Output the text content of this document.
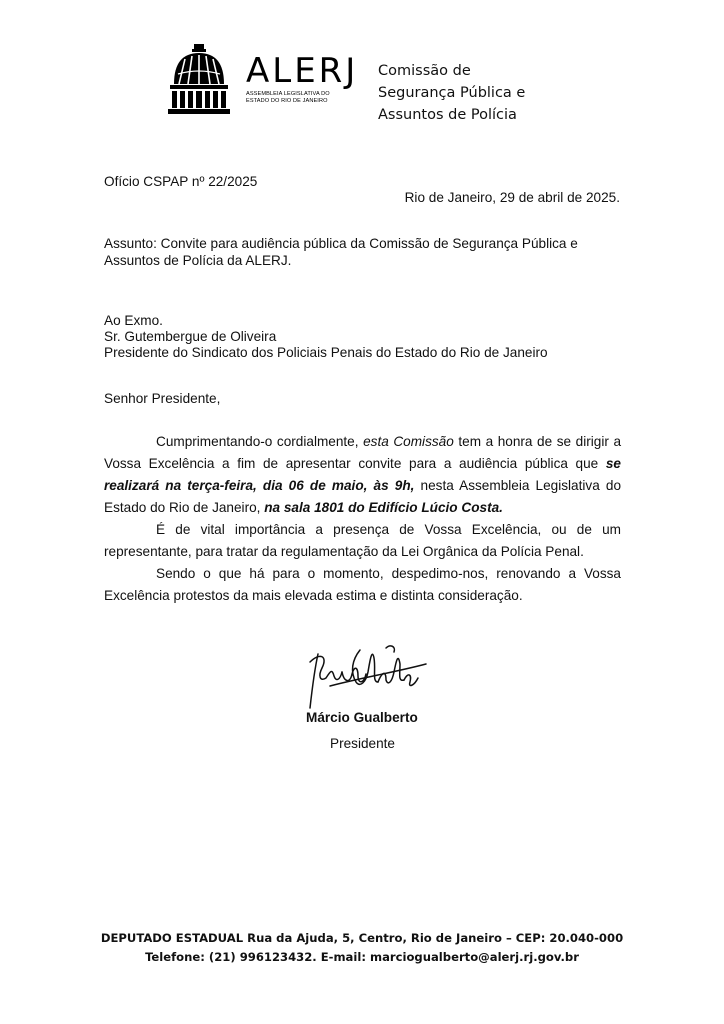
ALERJ
ASSEMBLEIA LEGISLATIVA DO
ESTADO DO RIO DE JANEIRO
Comissão de
Segurança Pública e
Assuntos de Polícia
Ofício CSPAP nº 22/2025
Rio de Janeiro, 29 de abril de 2025.
Assunto: Convite para audiência pública da Comissão de Segurança Pública e
Assuntos de Polícia da ALERJ.
Ao Exmo.
Sr. Gutembergue de Oliveira
Presidente do Sindicato dos Policiais Penais do Estado do Rio de Janeiro
Senhor Presidente,

Cumprimentando-o cordialmente, esta Comissão tem a honra de se dirigir a Vossa Excelência a fim de apresentar convite para a audiência pública que se realizará na terça-feira, dia 06 de maio, às 9h, nesta Assembleia Legislativa do Estado do Rio de Janeiro, na sala 1801 do Edifício Lúcio Costa.

É de vital importância a presença de Vossa Excelência, ou de um representante, para tratar da regulamentação da Lei Orgânica da Polícia Penal.

Sendo o que há para o momento, despedimo-nos, renovando a Vossa Excelência protestos da mais elevada estima e distinta consideração.

Márcio Gualberto
Presidente
DEPUTADO ESTADUAL Rua da Ajuda, 5, Centro, Rio de Janeiro – CEP: 20.040-000
Telefone: (21) 996123432. E-mail: marciogualberto@alerj.rj.gov.br
